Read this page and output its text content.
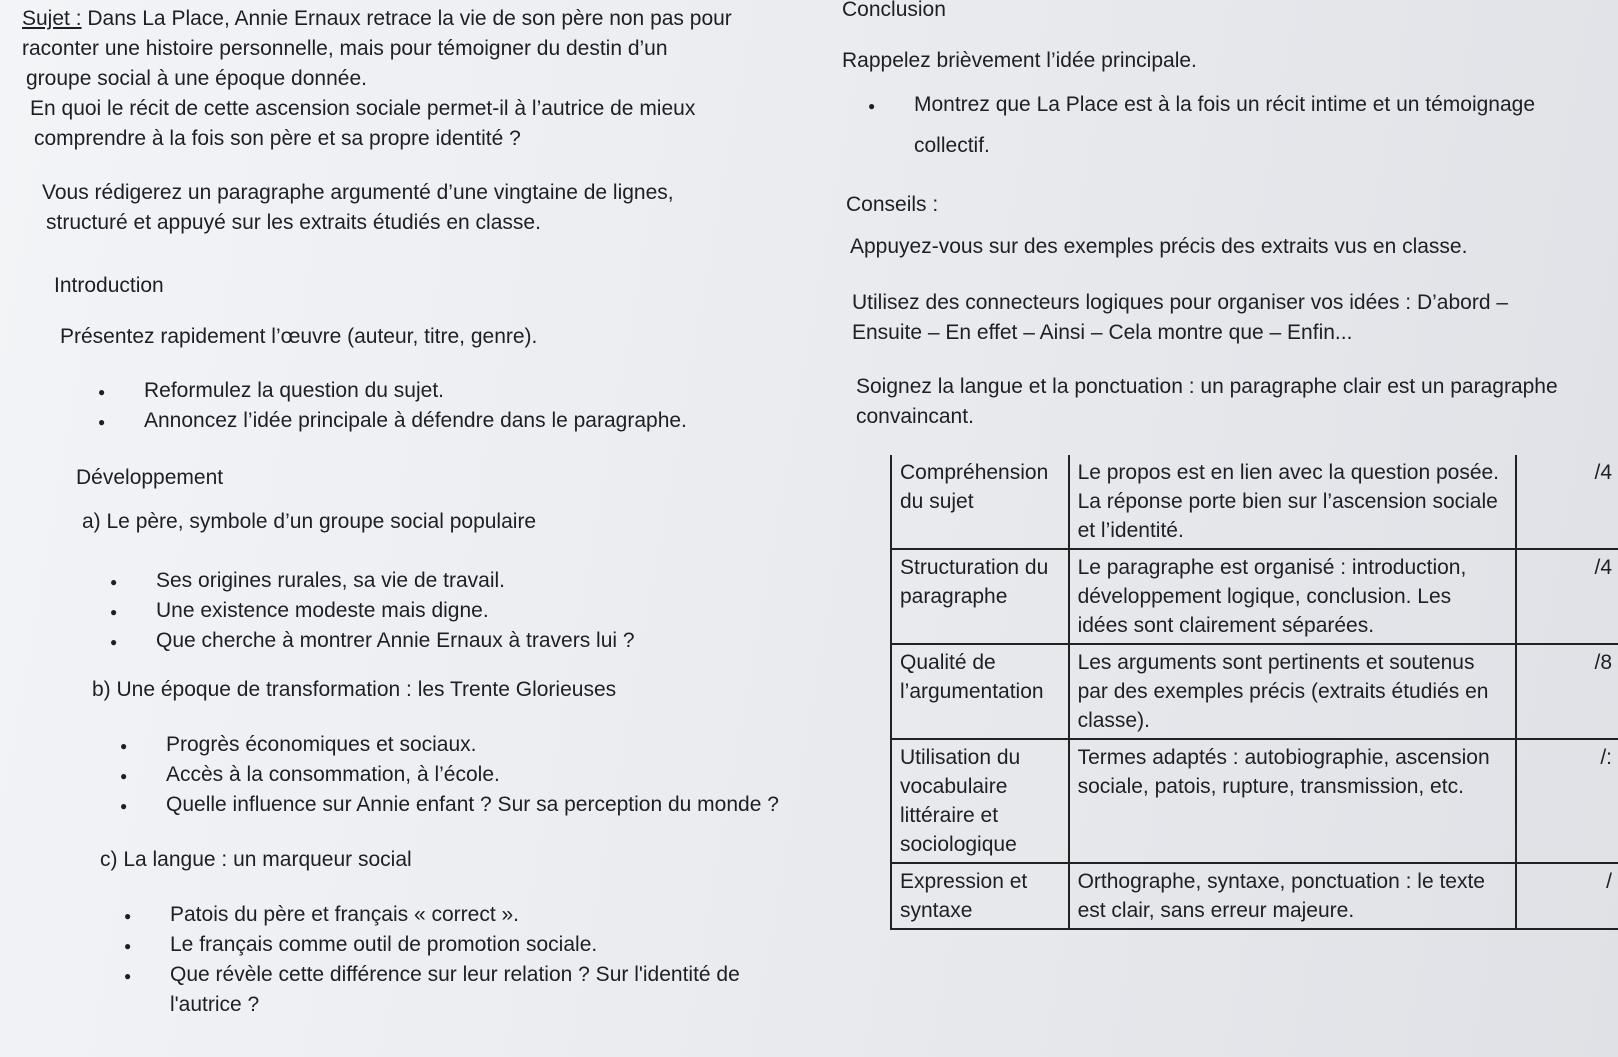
Sujet : Dans La Place, Annie Ernaux retrace la vie de son père non pas pour
raconter une histoire personnelle, mais pour témoigner du destin d’un
groupe social à une époque donnée.
En quoi le récit de cette ascension sociale permet-il à l’autrice de mieux
comprendre à la fois son père et sa propre identité ?
Vous rédigerez un paragraphe argumenté d’une vingtaine de lignes,
structuré et appuyé sur les extraits étudiés en classe.
Introduction
Présentez rapidement l’œuvre (auteur, titre, genre).
● Reformulez la question du sujet.
● Annoncez l’idée principale à défendre dans le paragraphe.
Développement
a) Le père, symbole d’un groupe social populaire
● Ses origines rurales, sa vie de travail.
● Une existence modeste mais digne.
● Que cherche à montrer Annie Ernaux à travers lui ?
b) Une époque de transformation : les Trente Glorieuses
● Progrès économiques et sociaux.
● Accès à la consommation, à l’école.
● Quelle influence sur Annie enfant ? Sur sa perception du monde ?
c) La langue : un marqueur social
● Patois du père et français « correct ».
● Le français comme outil de promotion sociale.
● Que révèle cette différence sur leur relation ? Sur l'identité de
l'autrice ?
Conclusion
Rappelez brièvement l’idée principale.
● Montrez que La Place est à la fois un récit intime et un témoignage
collectif.
Conseils :
Appuyez-vous sur des exemples précis des extraits vus en classe.
Utilisez des connecteurs logiques pour organiser vos idées : D’abord –
Ensuite – En effet – Ainsi – Cela montre que – Enfin...
Soignez la langue et la ponctuation : un paragraphe clair est un paragraphe
convaincant.
Compréhension du sujet	Le propos est en lien avec la question posée. La réponse porte bien sur l’ascension sociale et l’identité.	/4
Structuration du paragraphe	Le paragraphe est organisé : introduction, développement logique, conclusion. Les idées sont clairement séparées.	/4
Qualité de l’argumentation	Les arguments sont pertinents et soutenus par des exemples précis (extraits étudiés en classe).	/8
Utilisation du vocabulaire littéraire et sociologique	Termes adaptés : autobiographie, ascension sociale, patois, rupture, transmission, etc.	/:
Expression et syntaxe	Orthographe, syntaxe, ponctuation : le texte est clair, sans erreur majeure.	/
